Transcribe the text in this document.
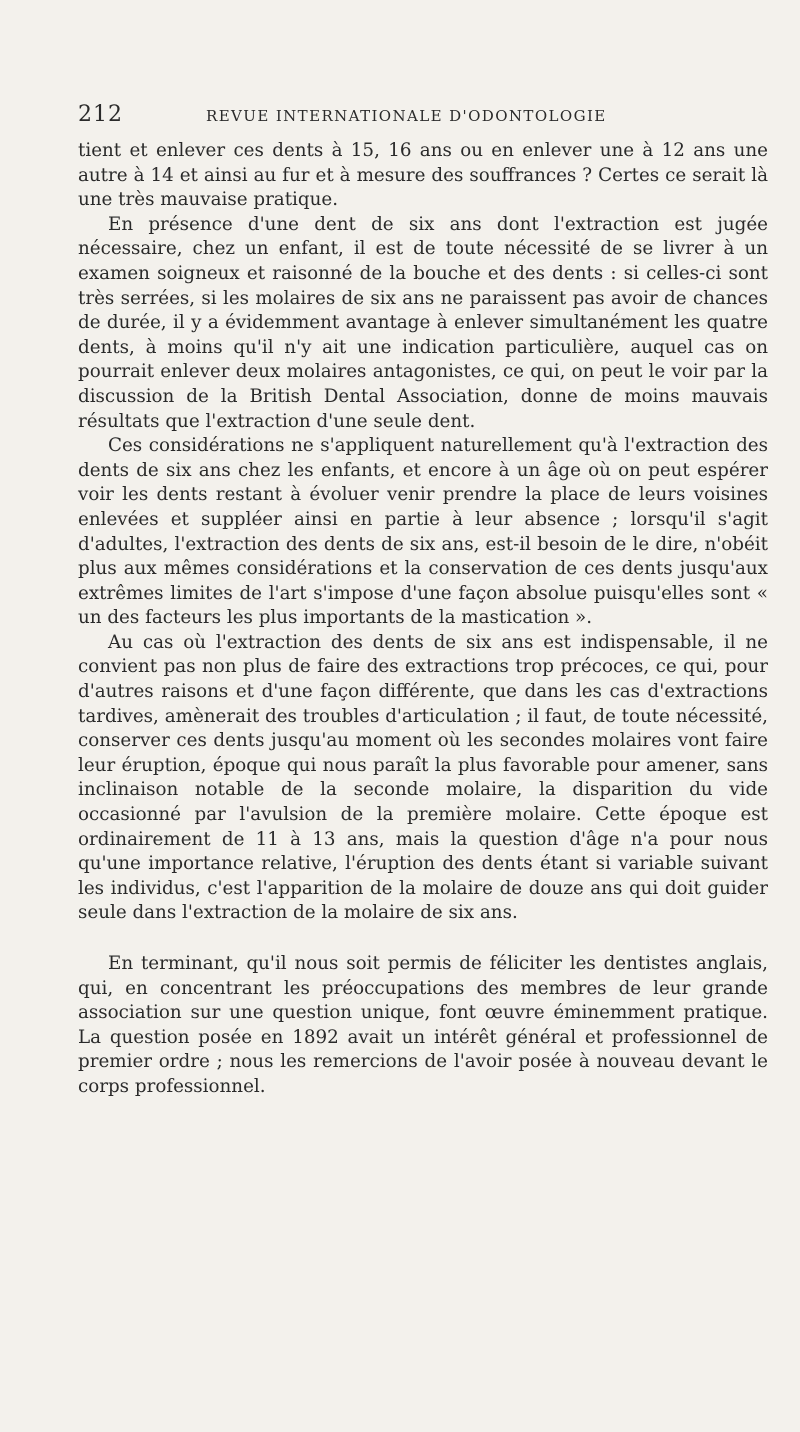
212	REVUE INTERNATIONALE D'ODONTOLOGIE

tient et enlever ces dents à 15, 16 ans ou en enlever une à 12 ans une autre à 14 et ainsi au fur et à mesure des souffrances ? Certes ce serait là une très mauvaise pratique.

En présence d'une dent de six ans dont l'extraction est jugée nécessaire, chez un enfant, il est de toute nécessité de se livrer à un examen soigneux et raisonné de la bouche et des dents : si celles-ci sont très serrées, si les molaires de six ans ne paraissent pas avoir de chances de durée, il y a évidemment avantage à enlever simultanément les quatre dents, à moins qu'il n'y ait une indication particulière, auquel cas on pourrait enlever deux molaires antagonistes, ce qui, on peut le voir par la discussion de la British Dental Association, donne de moins mauvais résultats que l'extraction d'une seule dent.

Ces considérations ne s'appliquent naturellement qu'à l'extraction des dents de six ans chez les enfants, et encore à un âge où on peut espérer voir les dents restant à évoluer venir prendre la place de leurs voisines enlevées et suppléer ainsi en partie à leur absence ; lorsqu'il s'agit d'adultes, l'extraction des dents de six ans, est-il besoin de le dire, n'obéit plus aux mêmes considérations et la conservation de ces dents jusqu'aux extrêmes limites de l'art s'impose d'une façon absolue puisqu'elles sont « un des facteurs les plus importants de la mastication ».

Au cas où l'extraction des dents de six ans est indispensable, il ne convient pas non plus de faire des extractions trop précoces, ce qui, pour d'autres raisons et d'une façon différente, que dans les cas d'extractions tardives, amènerait des troubles d'articulation ; il faut, de toute nécessité, conserver ces dents jusqu'au moment où les secondes molaires vont faire leur éruption, époque qui nous paraît la plus favorable pour amener, sans inclinaison notable de la seconde molaire, la disparition du vide occasionné par l'avulsion de la première molaire. Cette époque est ordinairement de 11 à 13 ans, mais la question d'âge n'a pour nous qu'une importance relative, l'éruption des dents étant si variable suivant les individus, c'est l'apparition de la molaire de douze ans qui doit guider seule dans l'extraction de la molaire de six ans.

En terminant, qu'il nous soit permis de féliciter les dentistes anglais, qui, en concentrant les préoccupations des membres de leur grande association sur une question unique, font œuvre éminemment pratique. La question posée en 1892 avait un intérêt général et professionnel de premier ordre ; nous les remercions de l'avoir posée à nouveau devant le corps professionnel.
